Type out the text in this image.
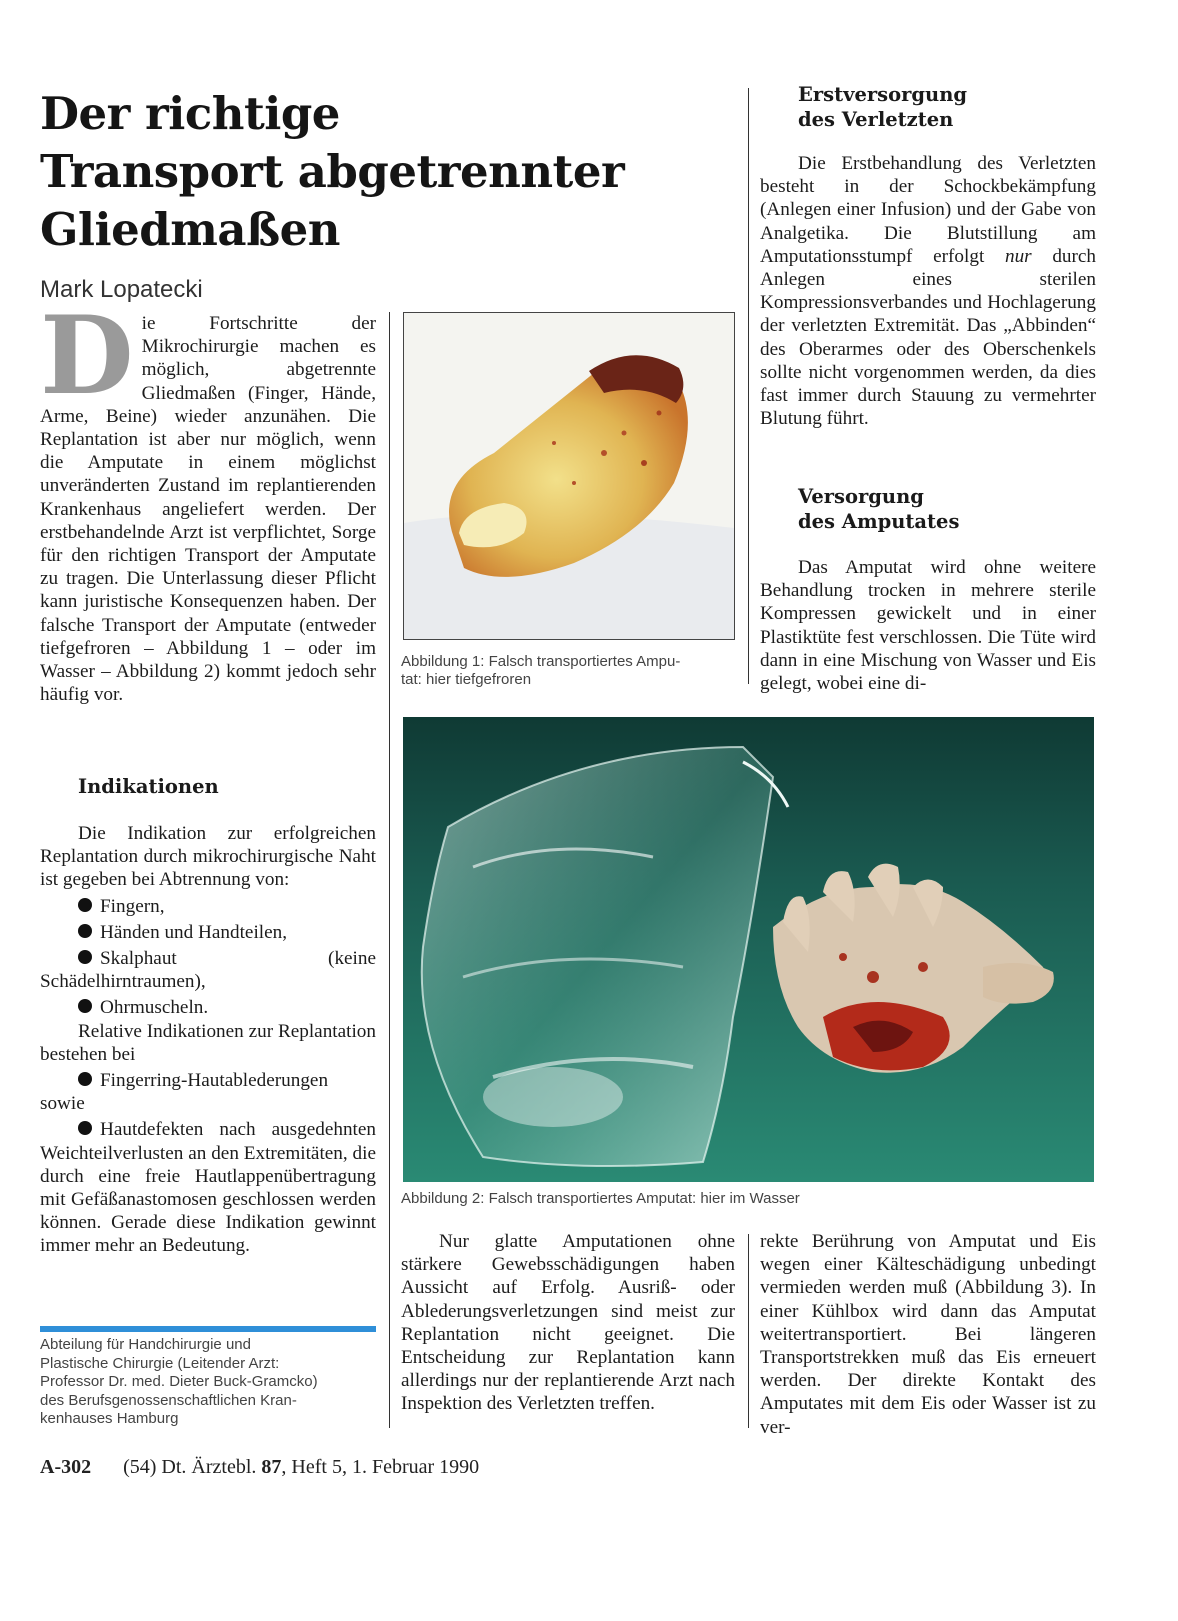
Der richtige
Transport abgetrennter
Gliedmaßen
Mark Lopatecki
D ie Fortschritte der Mikrochirurgie machen es möglich, abgetrennte Gliedmaßen (Finger, Hände, Arme, Beine) wieder anzunähen. Die Replantation ist aber nur möglich, wenn die Amputate in einem möglichst unveränderten Zustand im replantierenden Krankenhaus angeliefert werden. Der erstbehandelnde Arzt ist verpflichtet, Sorge für den richtigen Transport der Amputate zu tragen. Die Unterlassung dieser Pflicht kann juristische Konsequenzen haben. Der falsche Transport der Amputate (entweder tiefgefroren – Abbildung 1 – oder im Wasser – Abbildung 2) kommt jedoch sehr häufig vor.
Indikationen

Die Indikation zur erfolgreichen Replantation durch mikrochirurgische Naht ist gegeben bei Abtrennung von:

Fingern,

Händen und Handteilen,

Skalphaut (keine Schädelhirntraumen),

Ohrmuscheln.

Relative Indikationen zur Replantation bestehen bei

Fingerring-Hautablederungen sowie

Hautdefekten nach ausgedehnten Weichteilverlusten an den Extremitäten, die durch eine freie Hautlappenübertragung mit Gefäßanastomosen geschlossen werden können. Gerade diese Indikation gewinnt immer mehr an Bedeutung.

Abteilung für Handchirurgie und
Plastische Chirurgie (Leitender Arzt:
Professor Dr. med. Dieter Buck-Gramcko)
des Berufsgenossenschaftlichen Kran-
kenhauses Hamburg
Abbildung 1: Falsch transportiertes Ampu-
tat: hier tiefgefroren
Erstversorgung
des Verletzten

Die Erstbehandlung des Verletzten besteht in der Schockbekämpfung (Anlegen einer Infusion) und der Gabe von Analgetika. Die Blutstillung am Amputationsstumpf erfolgt nur durch Anlegen eines sterilen Kompressionsverbandes und Hochlagerung der verletzten Extremität. Das „Abbinden“ des Oberarmes oder des Oberschenkels sollte nicht vorgenommen werden, da dies fast immer durch Stauung zu vermehrter Blutung führt.

Versorgung
des Amputates

Das Amputat wird ohne weitere Behandlung trocken in mehrere sterile Kompressen gewickelt und in einer Plastiktüte fest verschlossen. Die Tüte wird dann in eine Mischung von Wasser und Eis gelegt, wobei eine di-

Abbildung 2: Falsch transportiertes Amputat: hier im Wasser

Nur glatte Amputationen ohne stärkere Gewebsschädigungen haben Aussicht auf Erfolg. Ausriß- oder Ablederungsverletzungen sind meist zur Replantation nicht geeignet. Die Entscheidung zur Replantation kann allerdings nur der replantierende Arzt nach Inspektion des Verletzten treffen.

rekte Berührung von Amputat und Eis wegen einer Kälteschädigung unbedingt vermieden werden muß (Abbildung 3). In einer Kühlbox wird dann das Amputat weitertransportiert. Bei längeren Transportstrekken muß das Eis erneuert werden. Der direkte Kontakt des Amputates mit dem Eis oder Wasser ist zu ver-

A-302 (54) Dt. Ärztebl. 87, Heft 5, 1. Februar 1990
